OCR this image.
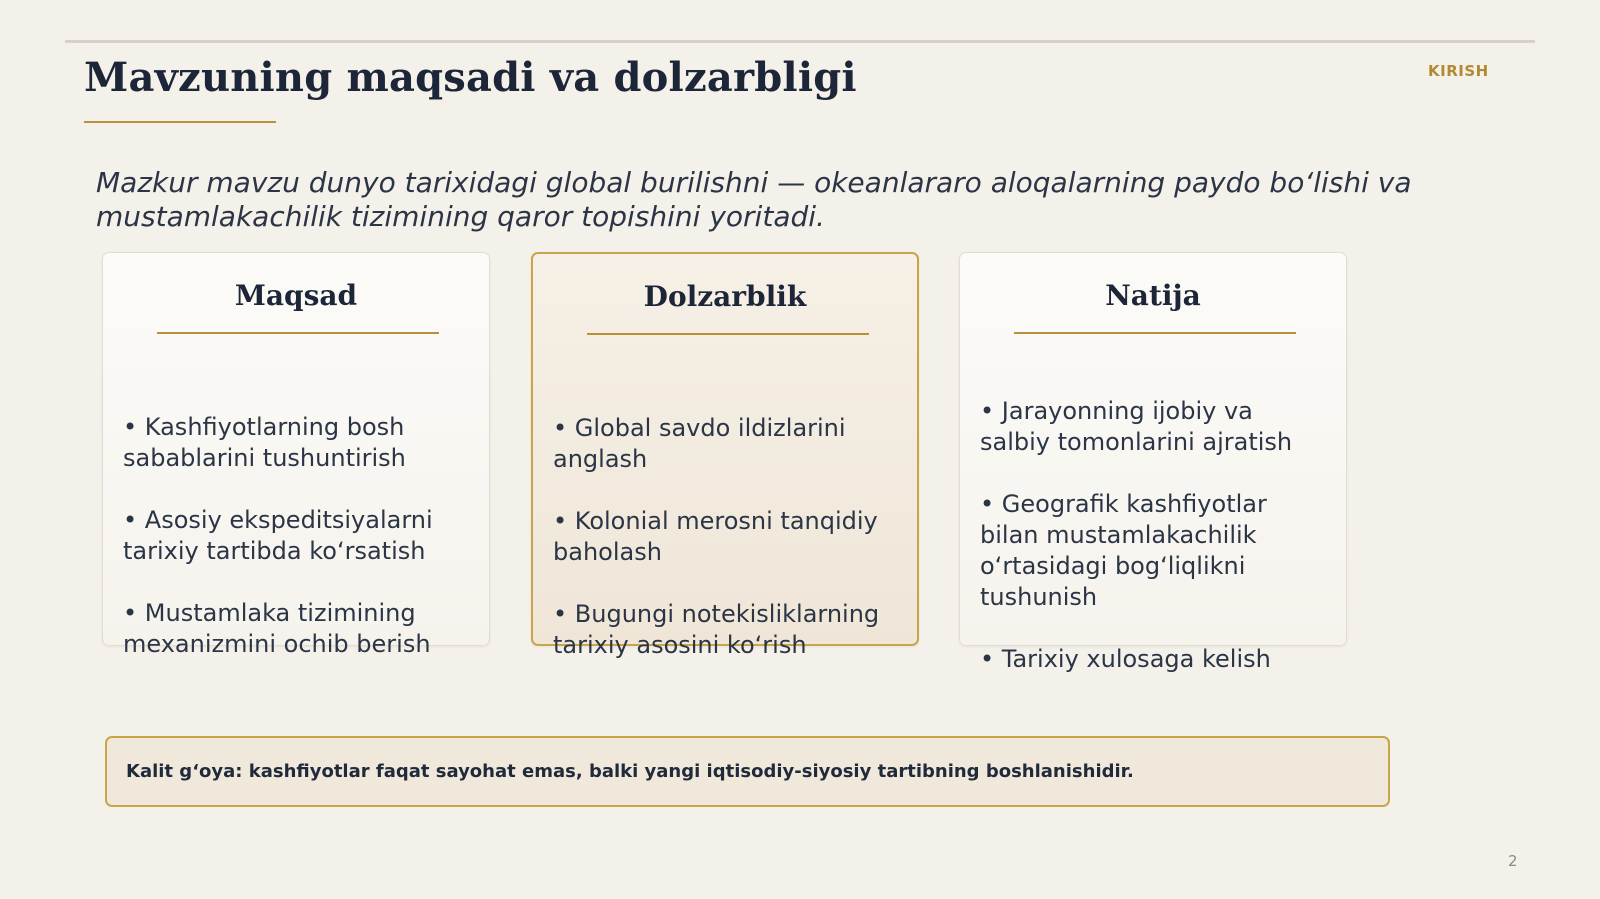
Mavzuning maqsadi va dolzarbligi	KIRISH

Mazkur mavzu dunyo tarixidagi global burilishni — okeanlararo aloqalarning paydo bo‘lishi va mustamlakachilik tizimining qaror topishini yoritadi.

Maqsad

• Kashfiyotlarning bosh
sabablarini tushuntirish

• Asosiy ekspeditsiyalarni
tarixiy tartibda ko‘rsatish

• Mustamlaka tizimining
mexanizmini ochib berish

Dolzarblik

• Global savdo ildizlarini
anglash

• Kolonial merosni tanqidiy
baholash

• Bugungi notekisliklarning
tarixiy asosini ko‘rish

Natija

• Jarayonning ijobiy va
salbiy tomonlarini ajratish

• Geografik kashfiyotlar
bilan mustamlakachilik
o‘rtasidagi bog‘liqlikni
tushunish

• Tarixiy xulosaga kelish

Kalit g‘oya: kashfiyotlar faqat sayohat emas, balki yangi iqtisodiy-siyosiy tartibning boshlanishidir.
2
